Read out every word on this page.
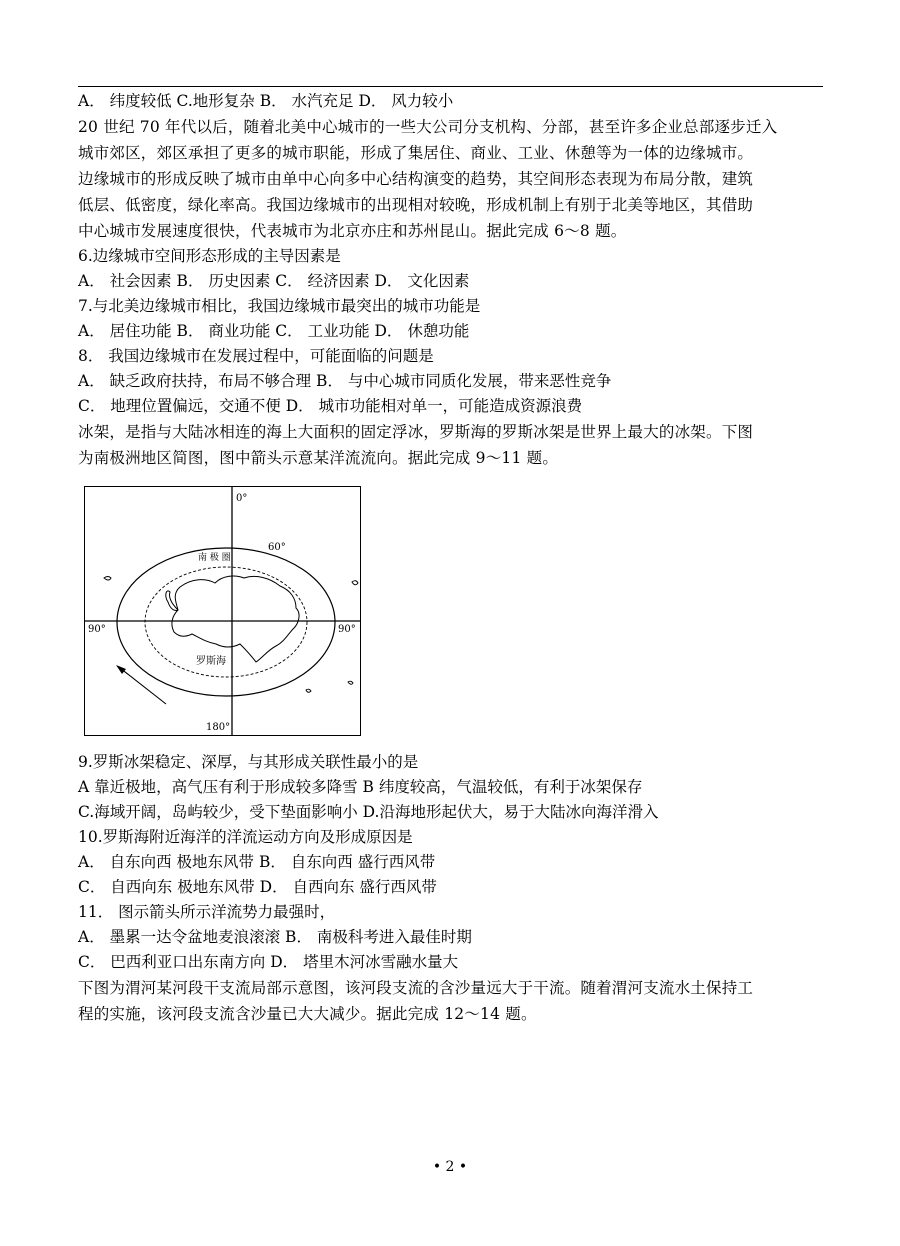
A． 纬度较低 C.地形复杂 B． 水汽充足 D． 风力较小
20 世纪 70 年代以后，随着北美中心城市的一些大公司分支机构、分部，甚至许多企业总部逐步迁入
城市郊区，郊区承担了更多的城市职能，形成了集居住、商业、工业、休憩等为一体的边缘城市。
边缘城市的形成反映了城市由单中心向多中心结构演变的趋势，其空间形态表现为布局分散，建筑
低层、低密度，绿化率高。我国边缘城市的出现相对较晚，形成机制上有别于北美等地区，其借助
中心城市发展速度很快，代表城市为北京亦庄和苏州昆山。据此完成 6～8 题。
6.边缘城市空间形态形成的主导因素是
A． 社会因素 B． 历史因素 C． 经济因素 D． 文化因素
7.与北美边缘城市相比，我国边缘城市最突出的城市功能是
A． 居住功能 B． 商业功能 C． 工业功能 D． 休憩功能
8． 我国边缘城市在发展过程中，可能面临的问题是
A． 缺乏政府扶持，布局不够合理 B． 与中心城市同质化发展，带来恶性竞争
C． 地理位置偏远，交通不便 D． 城市功能相对单一，可能造成资源浪费
冰架，是指与大陆冰相连的海上大面积的固定浮冰，罗斯海的罗斯冰架是世界上最大的冰架。下图
为南极洲地区简图，图中箭头示意某洋流流向。据此完成 9～11 题。
0°
60°
南 极 圈
90°	90°
罗斯海
180°
9.罗斯冰架稳定、深厚，与其形成关联性最小的是
A 靠近极地，高气压有利于形成较多降雪 B 纬度较高，气温较低，有利于冰架保存
C.海域开阔，岛屿较少，受下垫面影响小 D.沿海地形起伏大，易于大陆冰向海洋滑入
10.罗斯海附近海洋的洋流运动方向及形成原因是
A． 自东向西 极地东风带 B． 自东向西 盛行西风带
C． 自西向东 极地东风带 D． 自西向东 盛行西风带
11． 图示箭头所示洋流势力最强时，
A． 墨累一达令盆地麦浪滚滚 B． 南极科考进入最佳时期
C． 巴西利亚口出东南方向 D． 塔里木河冰雪融水量大
下图为渭河某河段干支流局部示意图，该河段支流的含沙量远大于干流。随着渭河支流水土保持工
程的实施，该河段支流含沙量已大大减少。据此完成 12～14 题。
• 2 •
